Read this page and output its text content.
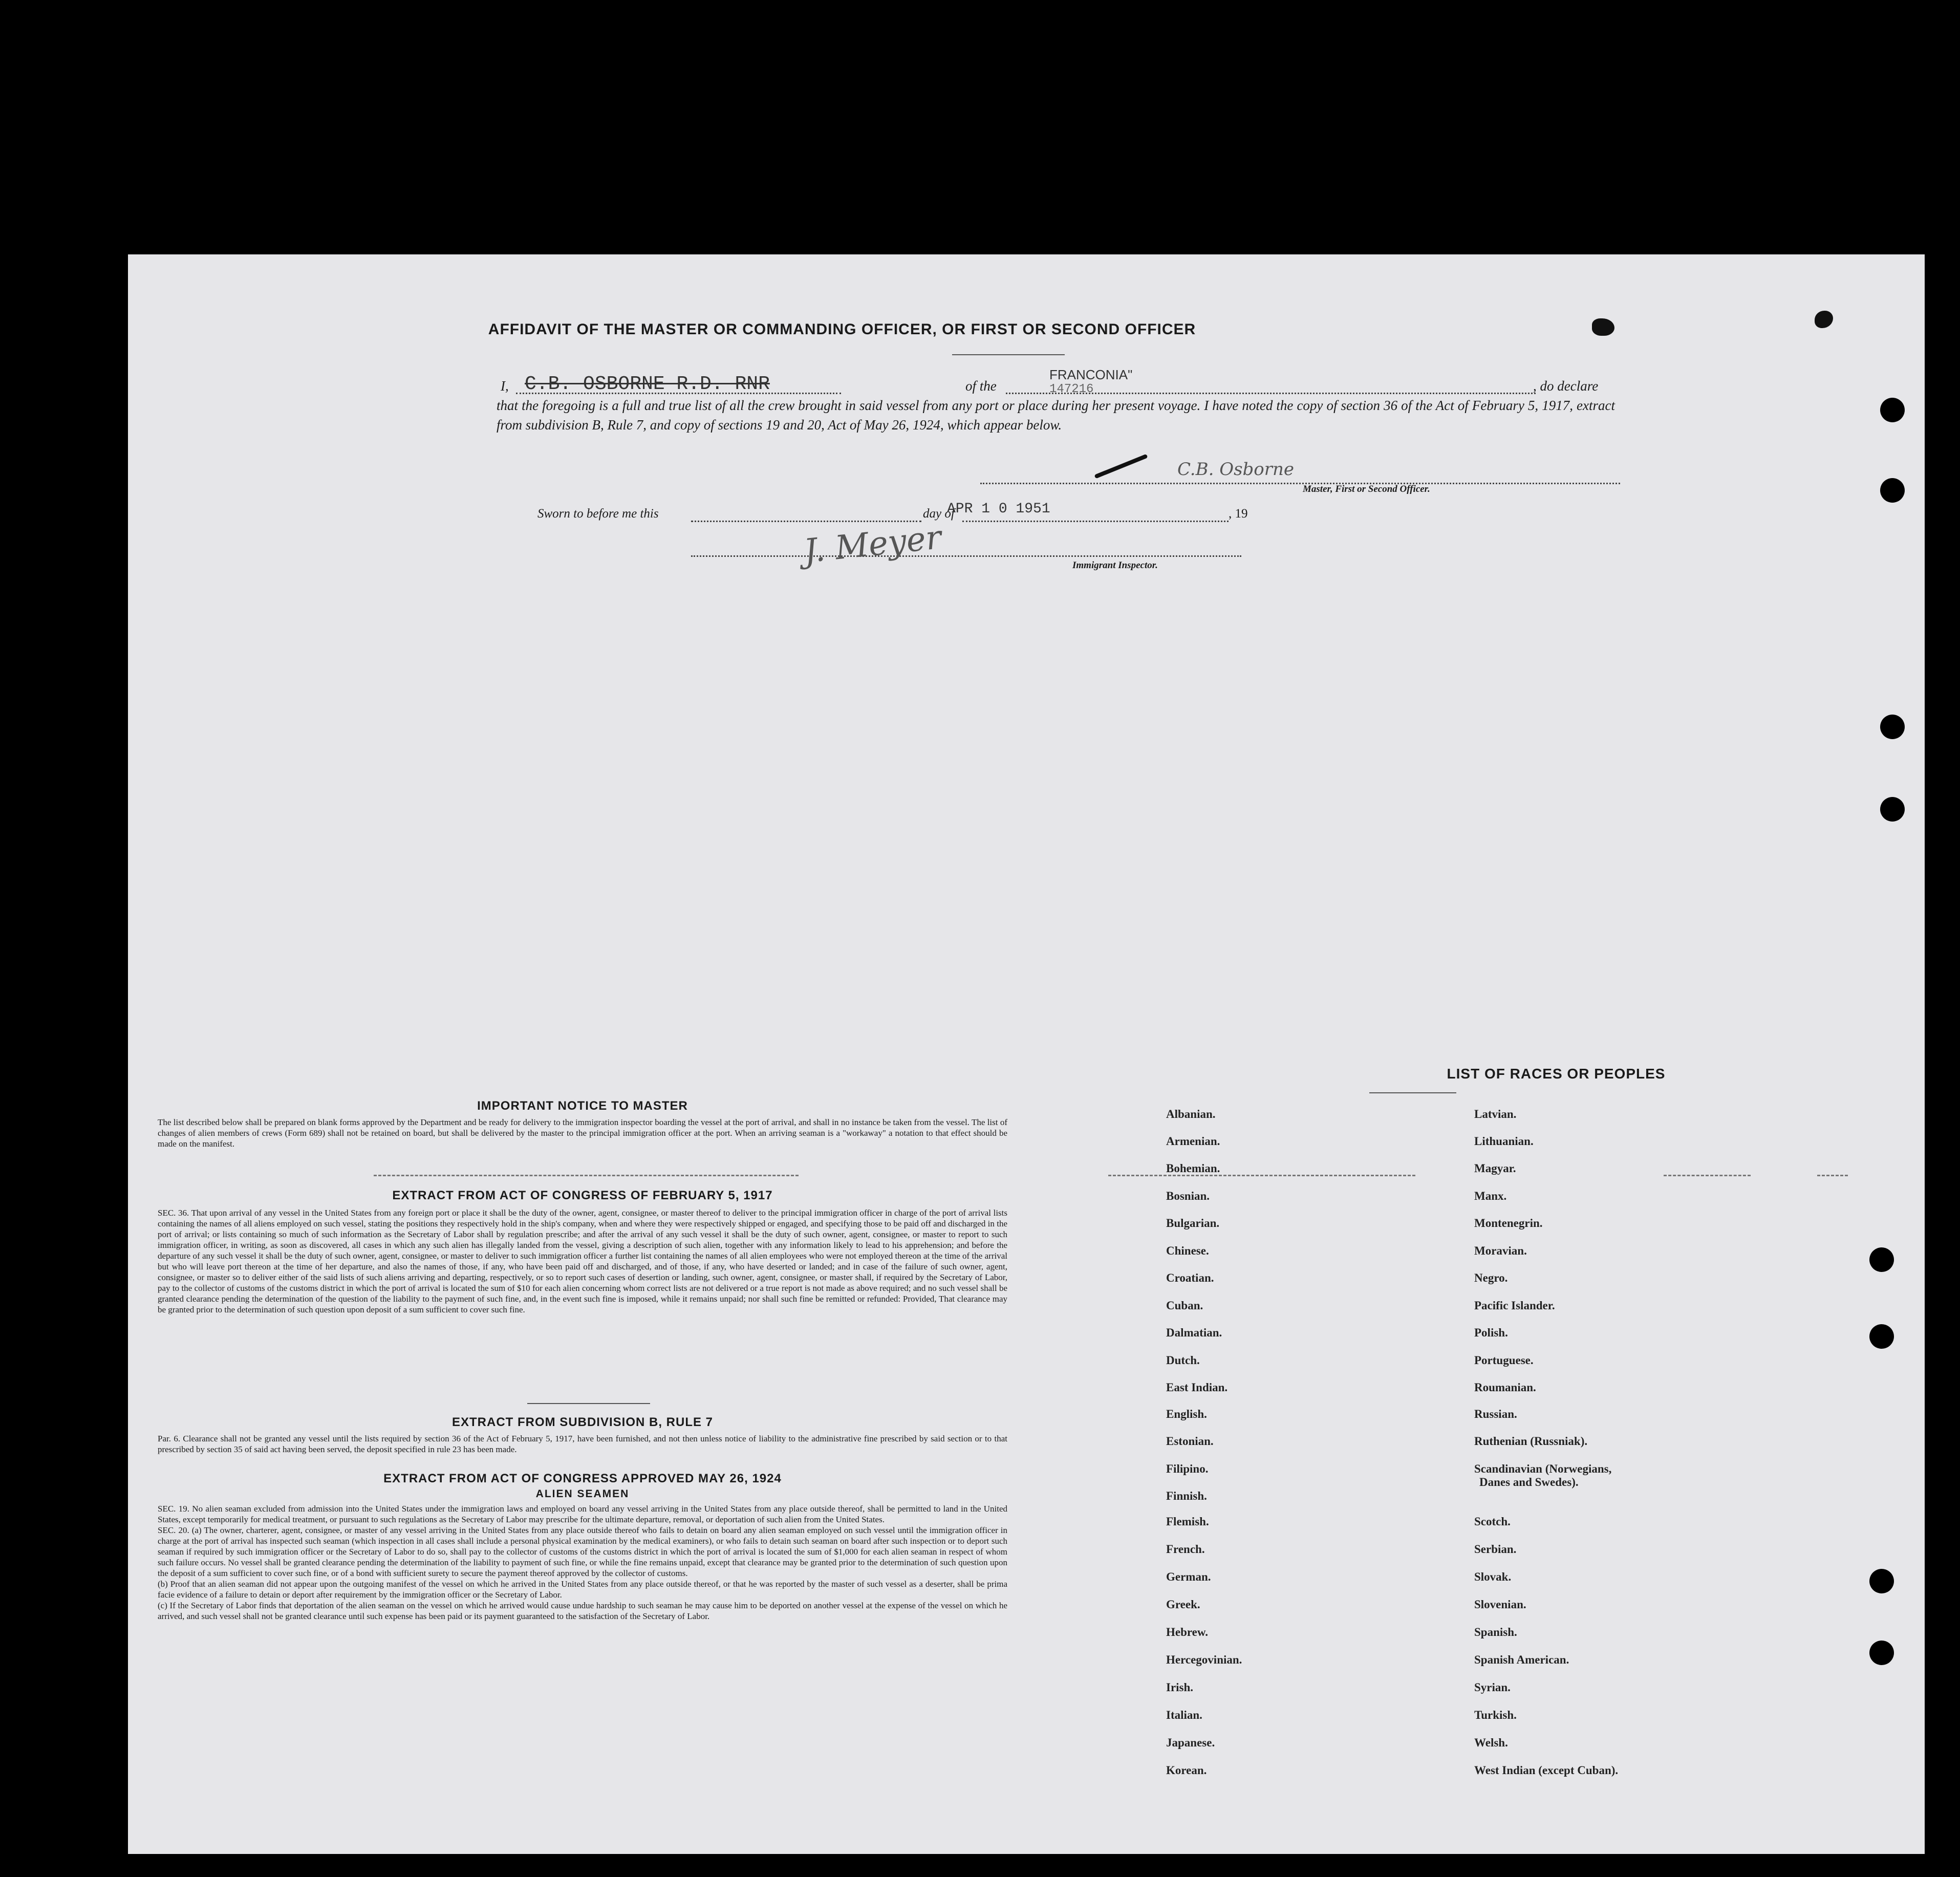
AFFIDAVIT OF THE MASTER OR COMMANDING OFFICER, OR FIRST OR SECOND OFFICER
I, C.B. OSBORNE R.D. RNR	of the
FRANCONIA"
147216	, do declare
that the foregoing is a full and true list of all the crew brought in said vessel from any port or place during her present voyage. I have noted the copy of section 36 of the Act of February 5, 1917, extract from subdivision B, Rule 7, and copy of sections 19 and 20, Act of May 26, 1924, which appear below.
C.B. Osborne
Master, First or Second Officer.
Sworn to before me this	day of
APR 1 0 1951	, 19
J. Meyer	Immigrant Inspector.
IMPORTANT NOTICE TO MASTER
The list described below shall be prepared on blank forms approved by the Department and be ready for delivery to the immigration inspector boarding the vessel at the port of arrival, and shall in no instance be taken from the vessel. The list of changes of alien members of crews (Form 689) shall not be retained on board, but shall be delivered by the master to the principal immigration officer at the port. When an arriving seaman is a "workaway" a notation to that effect should be made on the manifest.
EXTRACT FROM ACT OF CONGRESS OF FEBRUARY 5, 1917
SEC. 36. That upon arrival of any vessel in the United States from any foreign port or place it shall be the duty of the owner, agent, consignee, or master thereof to deliver to the principal immigration officer in charge of the port of arrival lists containing the names of all aliens employed on such vessel, stating the positions they respectively hold in the ship's company, when and where they were respectively shipped or engaged, and specifying those to be paid off and discharged in the port of arrival; or lists containing so much of such information as the Secretary of Labor shall by regulation prescribe; and after the arrival of any such vessel it shall be the duty of such owner, agent, consignee, or master to report to such immigration officer, in writing, as soon as discovered, all cases in which any such alien has illegally landed from the vessel, giving a description of such alien, together with any information likely to lead to his apprehension; and before the departure of any such vessel it shall be the duty of such owner, agent, consignee, or master to deliver to such immigration officer a further list containing the names of all alien employees who were not employed thereon at the time of the arrival but who will leave port thereon at the time of her departure, and also the names of those, if any, who have been paid off and discharged, and of those, if any, who have deserted or landed; and in case of the failure of such owner, agent, consignee, or master so to deliver either of the said lists of such aliens arriving and departing, respectively, or so to report such cases of desertion or landing, such owner, agent, consignee, or master shall, if required by the Secretary of Labor, pay to the collector of customs of the customs district in which the port of arrival is located the sum of $10 for each alien concerning whom correct lists are not delivered or a true report is not made as above required; and no such vessel shall be granted clearance pending the determination of the question of the liability to the payment of such fine, and, in the event such fine is imposed, while it remains unpaid; nor shall such fine be remitted or refunded: Provided, That clearance may be granted prior to the determination of such question upon deposit of a sum sufficient to cover such fine.
EXTRACT FROM SUBDIVISION B, RULE 7
Par. 6. Clearance shall not be granted any vessel until the lists required by section 36 of the Act of February 5, 1917, have been furnished, and not then unless notice of liability to the administrative fine prescribed by said section or to that prescribed by section 35 of said act having been served, the deposit specified in rule 23 has been made.
EXTRACT FROM ACT OF CONGRESS APPROVED MAY 26, 1924
ALIEN SEAMEN
SEC. 19. No alien seaman excluded from admission into the United States under the immigration laws and employed on board any vessel arriving in the United States from any place outside thereof, shall be permitted to land in the United States, except temporarily for medical treatment, or pursuant to such regulations as the Secretary of Labor may prescribe for the ultimate departure, removal, or deportation of such alien from the United States.
SEC. 20. (a) The owner, charterer, agent, consignee, or master of any vessel arriving in the United States from any place outside thereof who fails to detain on board any alien seaman employed on such vessel until the immigration officer in charge at the port of arrival has inspected such seaman (which inspection in all cases shall include a personal physical examination by the medical examiners), or who fails to detain such seaman on board after such inspection or to deport such seaman if required by such immigration officer or the Secretary of Labor to do so, shall pay to the collector of customs of the customs district in which the port of arrival is located the sum of $1,000 for each alien seaman in respect of whom such failure occurs. No vessel shall be granted clearance pending the determination of the liability to payment of such fine, or while the fine remains unpaid, except that clearance may be granted prior to the determination of such question upon the deposit of a sum sufficient to cover such fine, or of a bond with sufficient surety to secure the payment thereof approved by the collector of customs.
(b) Proof that an alien seaman did not appear upon the outgoing manifest of the vessel on which he arrived in the United States from any place outside thereof, or that he was reported by the master of such vessel as a deserter, shall be prima facie evidence of a failure to detain or deport after requirement by the immigration officer or the Secretary of Labor.
(c) If the Secretary of Labor finds that deportation of the alien seaman on the vessel on which he arrived would cause undue hardship to such seaman he may cause him to be deported on another vessel at the expense of the vessel on which he arrived, and such vessel shall not be granted clearance until such expense has been paid or its payment guaranteed to the satisfaction of the Secretary of Labor.
LIST OF RACES OR PEOPLES
Albanian.
Armenian.
Bohemian.
Bosnian.
Bulgarian.
Chinese.
Croatian.
Cuban.
Dalmatian.
Dutch.
East Indian.
English.
Estonian.
Filipino.
Finnish.
Flemish.
French.
German.
Greek.
Hebrew.
Hercegovinian.
Irish.
Italian.
Japanese.
Korean.
Latvian.
Lithuanian.
Magyar.
Manx.
Montenegrin.
Moravian.
Negro.
Pacific Islander.
Polish.
Portuguese.
Roumanian.
Russian.
Ruthenian (Russniak).
Scandinavian (Norwegians,
Danes and Swedes).
Scotch.
Serbian.
Slovak.
Slovenian.
Spanish.
Spanish American.
Syrian.
Turkish.
Welsh.
West Indian (except Cuban).
